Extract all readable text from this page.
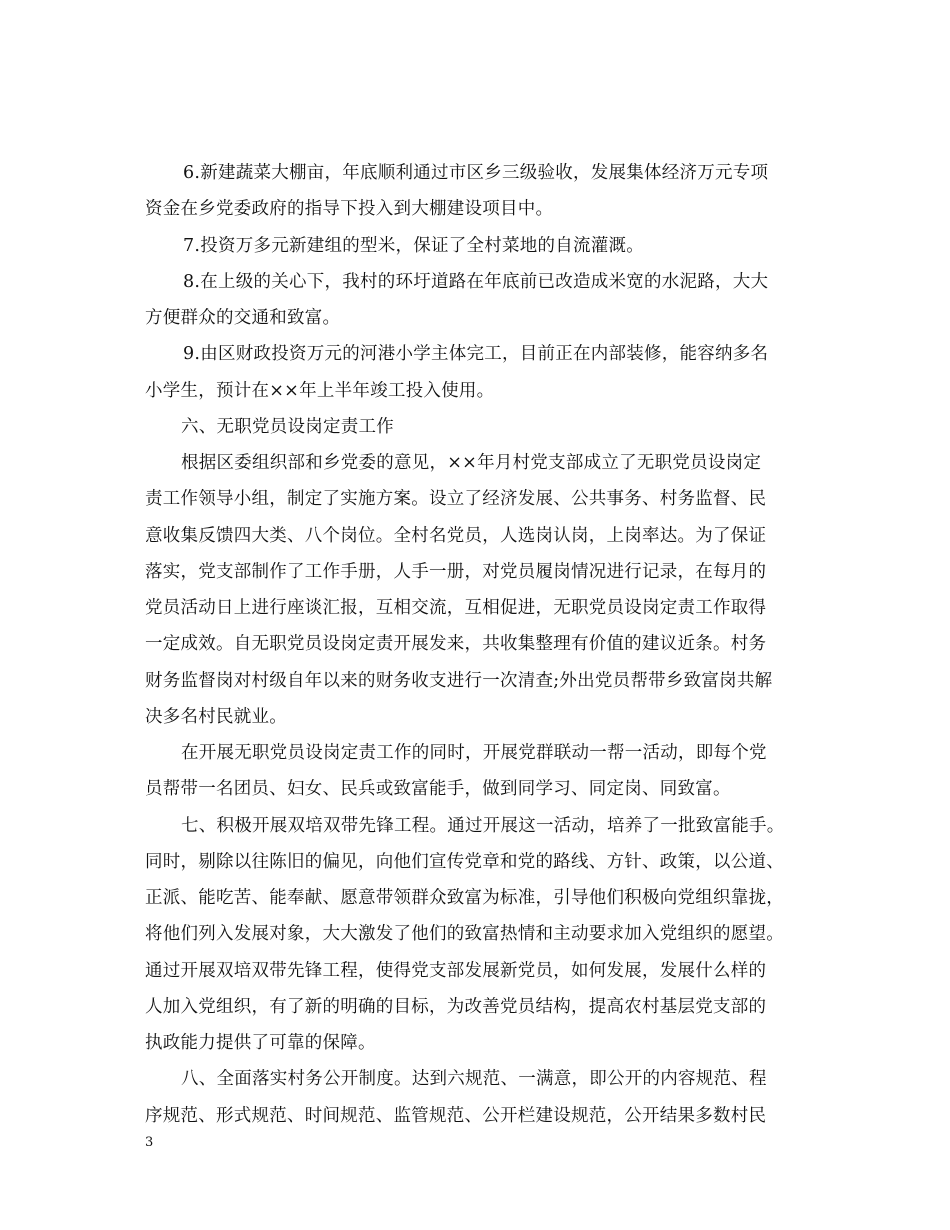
6.新建蔬菜大棚亩，年底顺利通过市区乡三级验收，发展集体经济万元专项
资金在乡党委政府的指导下投入到大棚建设项目中。
7.投资万多元新建组的型米，保证了全村菜地的自流灌溉。
8.在上级的关心下，我村的环圩道路在年底前已改造成米宽的水泥路，大大
方便群众的交通和致富。
9.由区财政投资万元的河港小学主体完工，目前正在内部装修，能容纳多名
小学生，预计在××年上半年竣工投入使用。
六、无职党员设岗定责工作
根据区委组织部和乡党委的意见，××年月村党支部成立了无职党员设岗定
责工作领导小组，制定了实施方案。设立了经济发展、公共事务、村务监督、民
意收集反馈四大类、八个岗位。全村名党员，人选岗认岗，上岗率达。为了保证
落实，党支部制作了工作手册，人手一册，对党员履岗情况进行记录，在每月的
党员活动日上进行座谈汇报，互相交流，互相促进，无职党员设岗定责工作取得
一定成效。自无职党员设岗定责开展发来，共收集整理有价值的建议近条。村务
财务监督岗对村级自年以来的财务收支进行一次清查;外出党员帮带乡致富岗共解
决多名村民就业。
在开展无职党员设岗定责工作的同时，开展党群联动一帮一活动，即每个党
员帮带一名团员、妇女、民兵或致富能手，做到同学习、同定岗、同致富。
七、积极开展双培双带先锋工程。通过开展这一活动，培养了一批致富能手。
同时，剔除以往陈旧的偏见，向他们宣传党章和党的路线、方针、政策，以公道、
正派、能吃苦、能奉献、愿意带领群众致富为标准，引导他们积极向党组织靠拢，
将他们列入发展对象，大大激发了他们的致富热情和主动要求加入党组织的愿望。
通过开展双培双带先锋工程，使得党支部发展新党员，如何发展，发展什么样的
人加入党组织，有了新的明确的目标，为改善党员结构，提高农村基层党支部的
执政能力提供了可靠的保障。
八、全面落实村务公开制度。达到六规范、一满意，即公开的内容规范、程
序规范、形式规范、时间规范、监管规范、公开栏建设规范，公开结果多数村民
3
